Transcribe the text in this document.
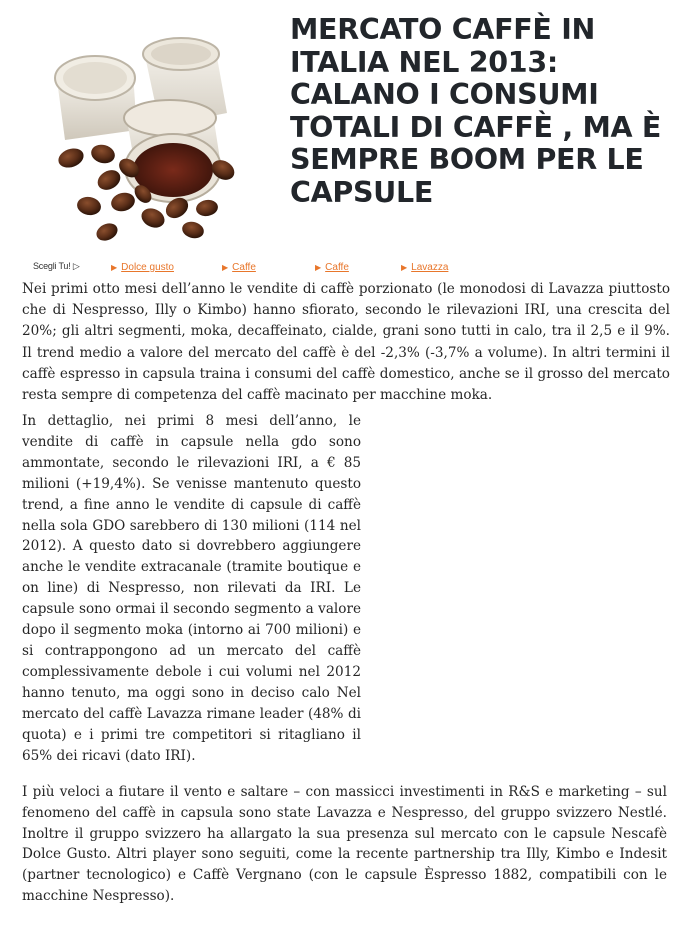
MERCATO CAFFÈ IN ITALIA NEL 2013: CALANO I CONSUMI TOTALI DI CAFFÈ , MA È SEMPRE BOOM PER LE CAPSULE
Scegli Tu! ▷	▶ Dolce gusto	▶ Caffe	▶ Caffe	▶ Lavazza

Nei primi otto mesi dell’anno le vendite di caffè porzionato (le monodosi di Lavazza piuttosto che di Nespresso, Illy o Kimbo) hanno sfiorato, secondo le rilevazioni IRI, una crescita del 20%; gli altri segmenti, moka, decaffeinato, cialde, grani sono tutti in calo, tra il 2,5 e il 9%. Il trend medio a valore del mercato del caffè è del -2,3% (-3,7% a volume). In altri termini il caffè espresso in capsula traina i consumi del caffè domestico, anche se il grosso del mercato resta sempre di competenza del caffè macinato per macchine moka.

In dettaglio, nei primi 8 mesi dell’anno, le vendite di caffè in capsule nella gdo sono ammontate, secondo le rilevazioni IRI, a € 85 milioni (+19,4%). Se venisse mantenuto questo trend, a fine anno le vendite di capsule di caffè nella sola GDO sarebbero di 130 milioni (114 nel 2012). A questo dato si dovrebbero aggiungere anche le vendite extracanale (tramite boutique e on line) di Nespresso, non rilevati da IRI. Le capsule sono ormai il secondo segmento a valore dopo il segmento moka (intorno ai 700 milioni) e si contrappongono ad un mercato del caffè complessivamente debole i cui volumi nel 2012 hanno tenuto, ma oggi sono in deciso calo Nel mercato del caffè Lavazza rimane leader (48% di quota) e i primi tre competitori si ritagliano il 65% dei ricavi (dato IRI).

I più veloci a fiutare il vento e saltare – con massicci investimenti in R&S e marketing – sul fenomeno del caffè in capsula sono state Lavazza e Nespresso, del gruppo svizzero Nestlé. Inoltre il gruppo svizzero ha allargato la sua presenza sul mercato con le capsule Nescafè Dolce Gusto. Altri player sono seguiti, come la recente partnership tra Illy, Kimbo e Indesit (partner tecnologico) e Caffè Vergnano (con le capsule Èspresso 1882, compatibili con le macchine Nespresso).
